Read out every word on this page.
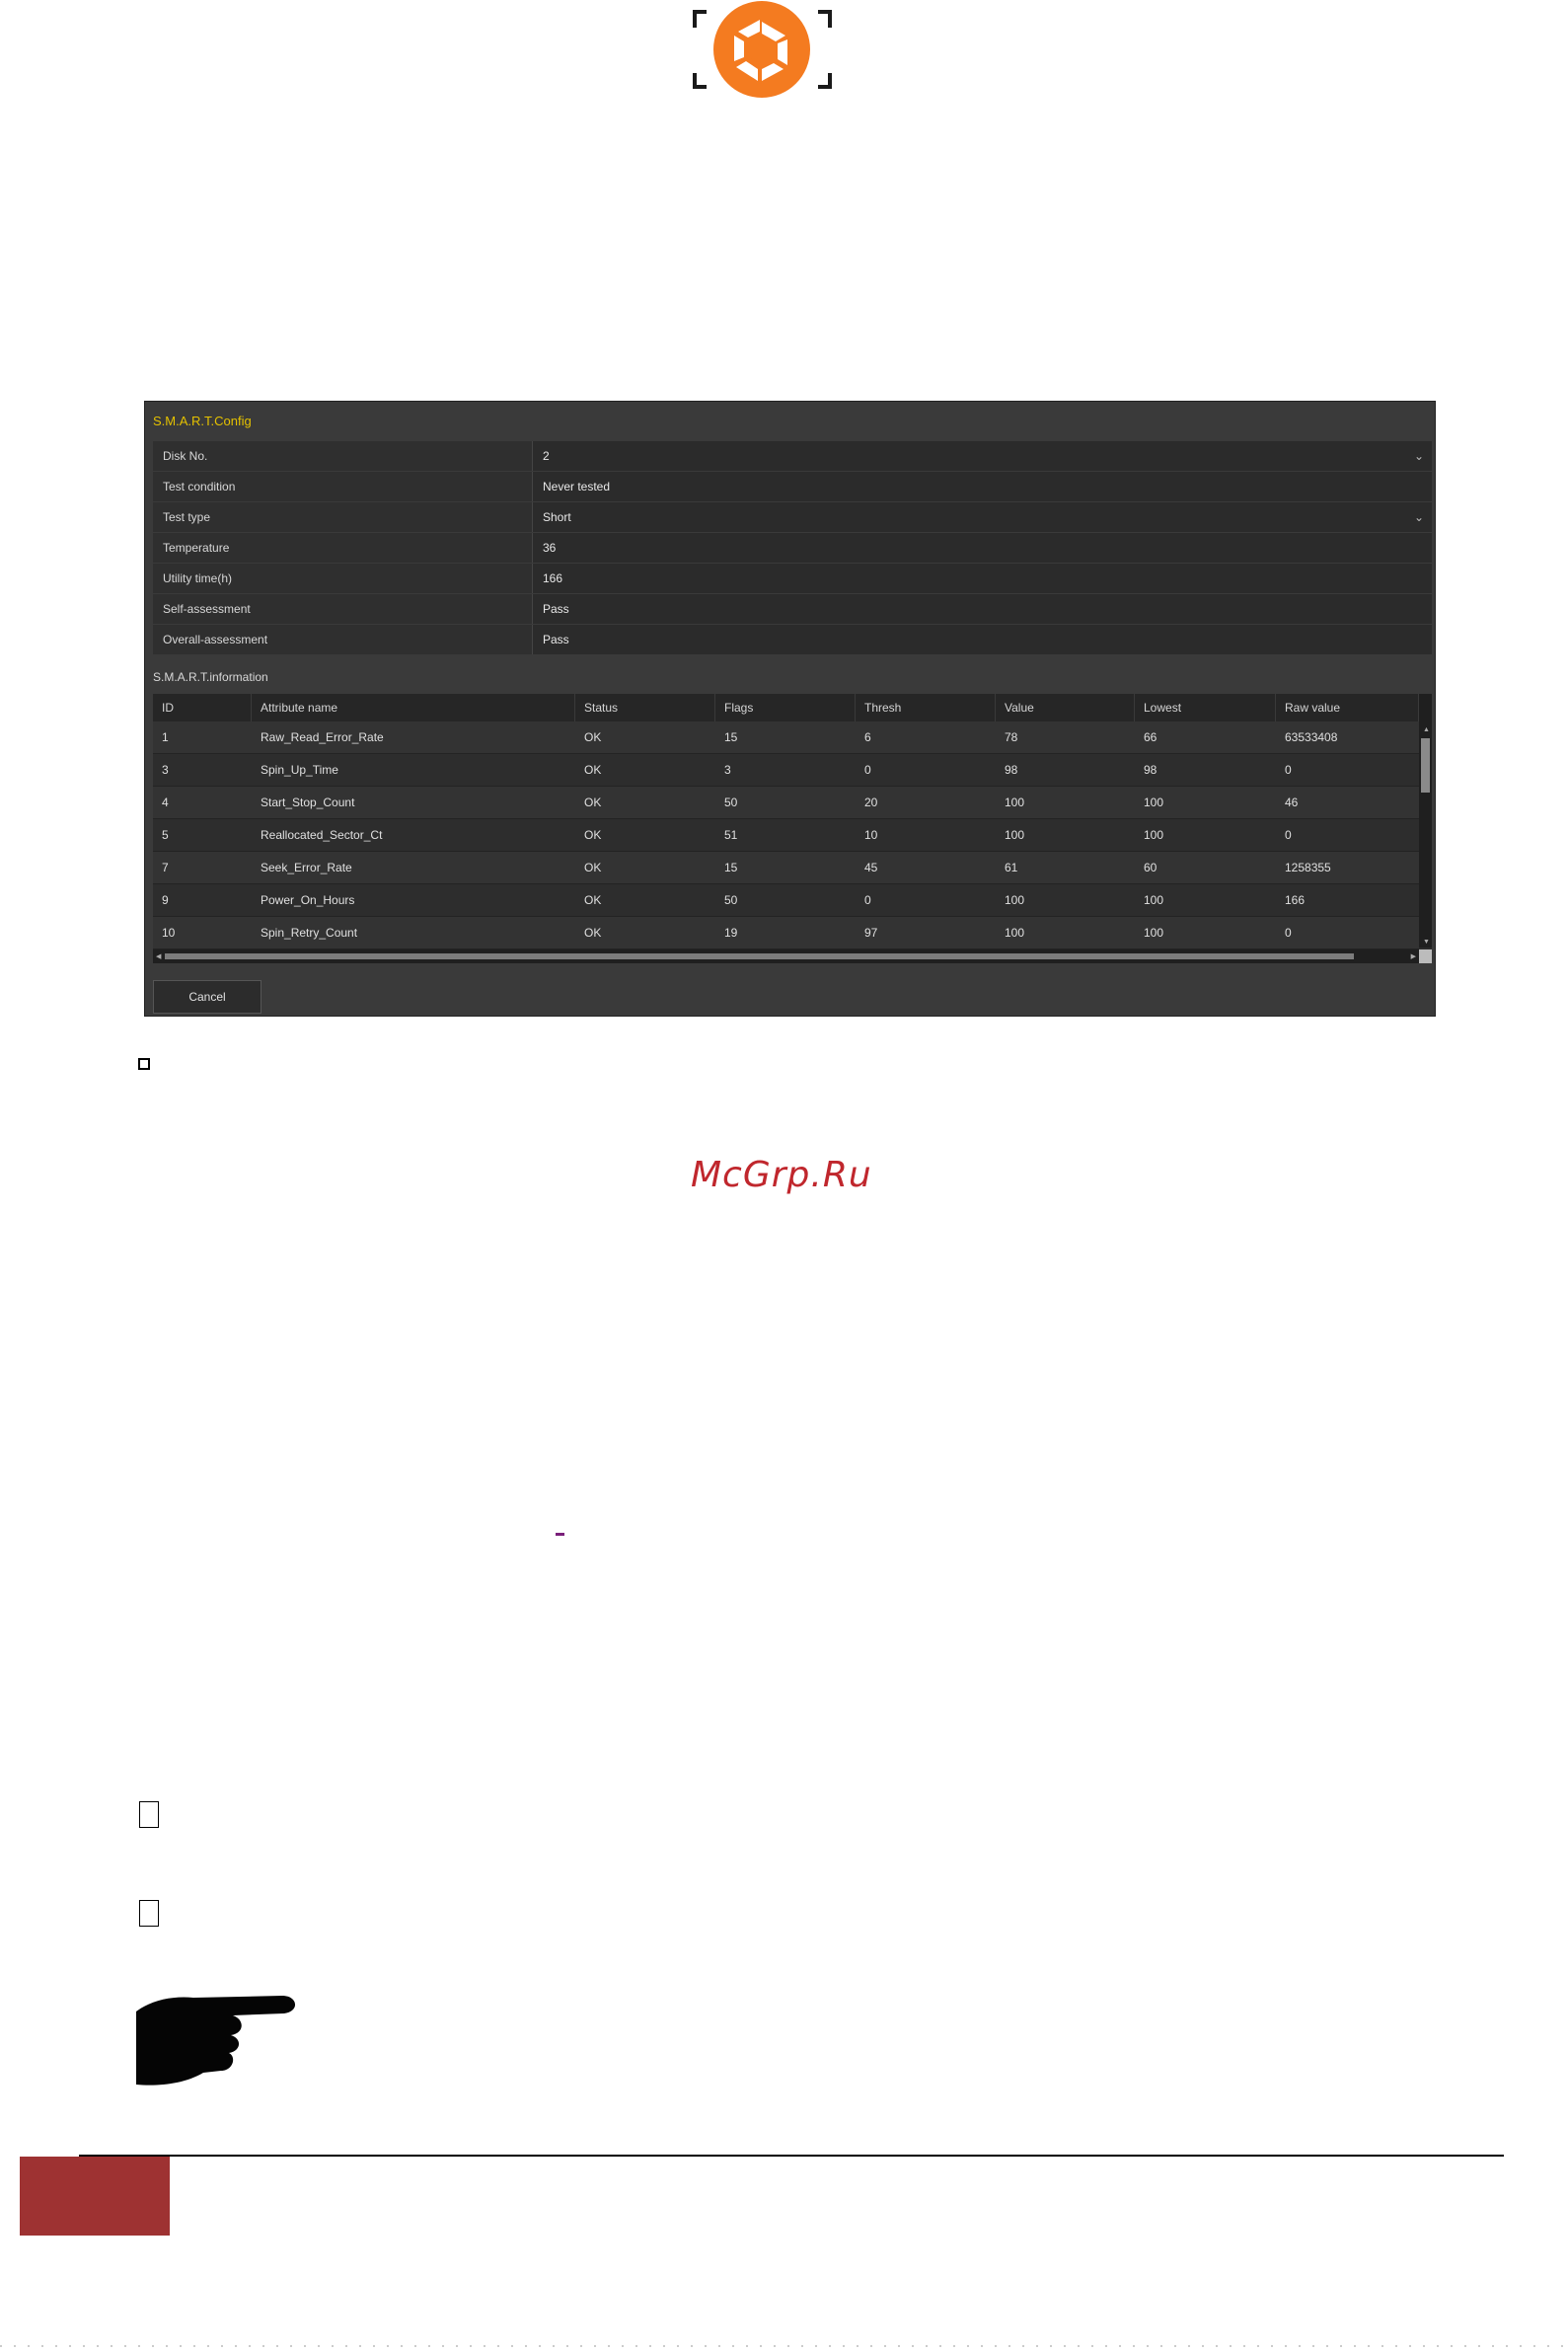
S.M.A.R.T.Config
Disk No.	2	⌄
Test condition	Never tested
Test type	Short	⌄
Temperature	36
Utility time(h)	166
Self-assessment	Pass
Overall-assessment	Pass
S.M.A.R.T.information
ID	Attribute name	Status	Flags	Thresh	Value	Lowest	Raw value
1	Raw_Read_Error_Rate	OK	15	6	78	66	63533408
3	Spin_Up_Time	OK	3	0	98	98	0
4	Start_Stop_Count	OK	50	20	100	100	46
5	Reallocated_Sector_Ct	OK	51	10	100	100	0
7	Seek_Error_Rate	OK	15	45	61	60	1258355
9	Power_On_Hours	OK	50	0	100	100	166
10	Spin_Retry_Count	OK	19	97	100	100	0
▲
▼
◀	▶
Cancel
McGrp.Ru
